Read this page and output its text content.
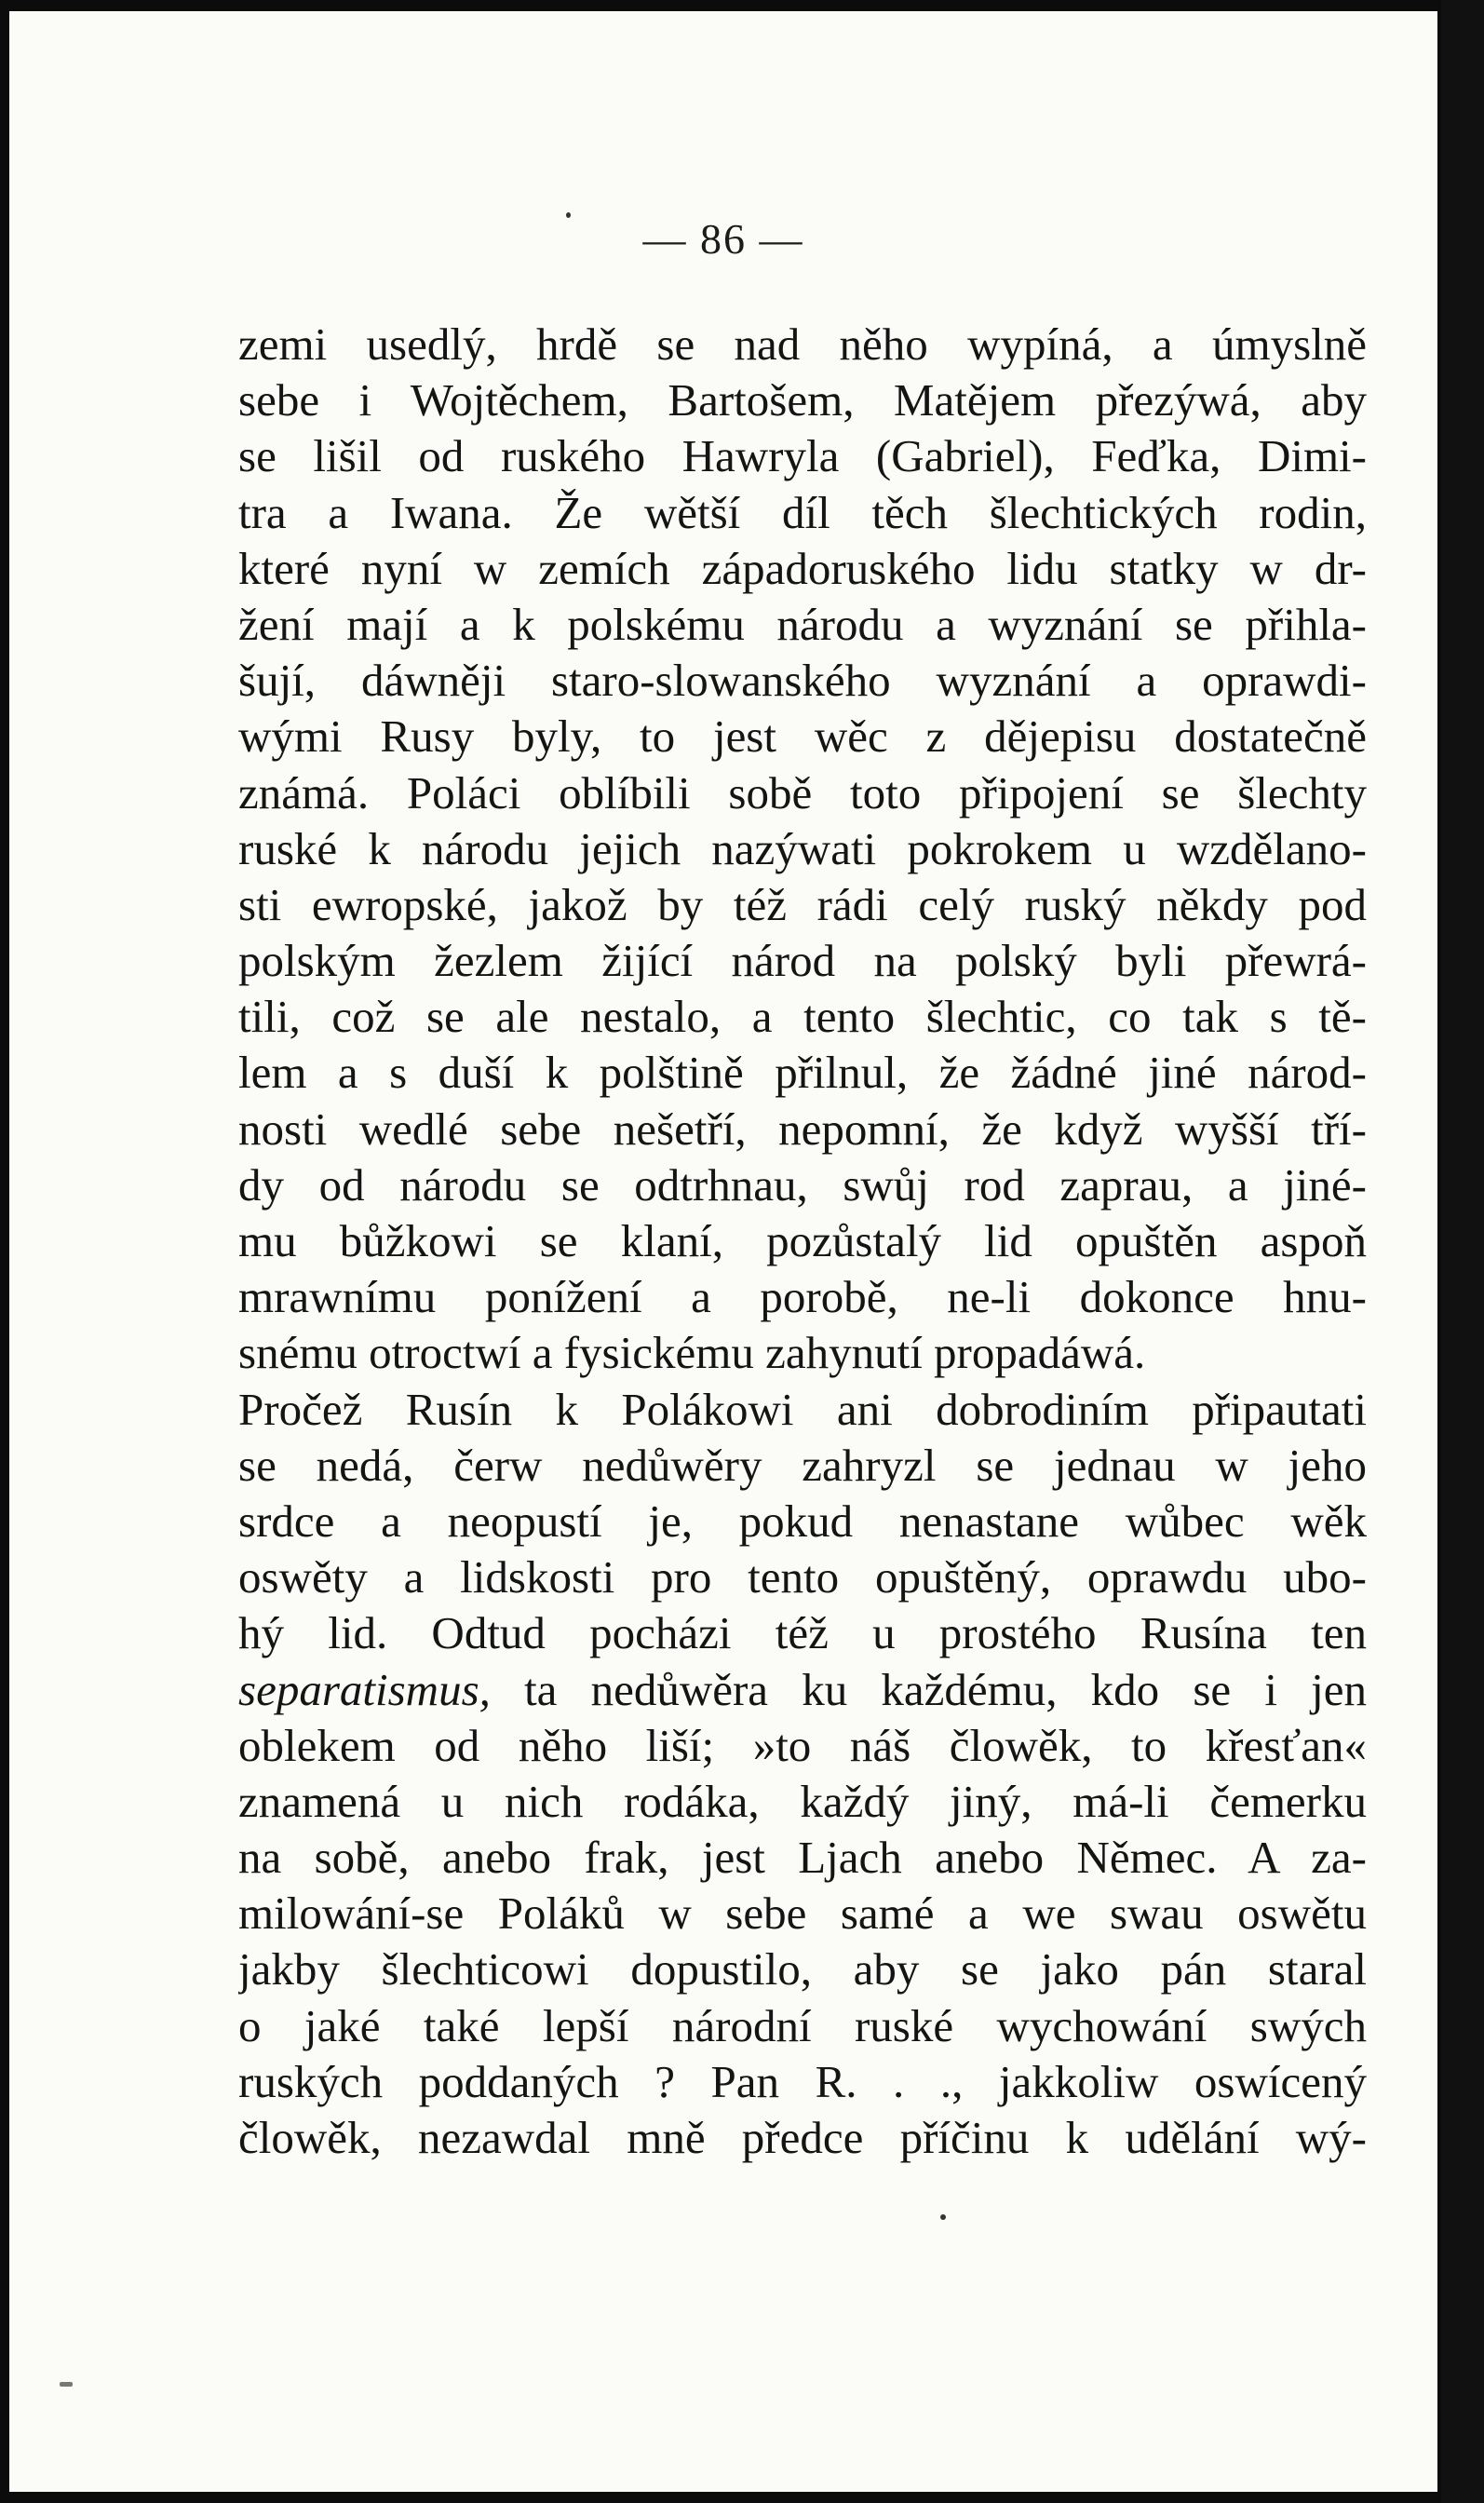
— 86 —
zemi usedlý, hrdě se nad něho wypíná, a úmyslně
sebe i Wojtěchem, Bartošem, Matějem přezýwá, aby
se lišil od ruského Hawryla (Gabriel), Feďka, Dimi-
tra a Iwana. Že wětší díl těch šlechtických rodin,
které nyní w zemích západoruského lidu statky w dr-
žení mají a k polskému národu a wyznání se přihla-
šují, dáwněji staro-slowanského wyznání a oprawdi-
wými Rusy byly, to jest wěc z dějepisu dostatečně
známá. Poláci oblíbili sobě toto připojení se šlechty
ruské k národu jejich nazýwati pokrokem u wzdělano-
sti ewropské, jakož by též rádi celý ruský někdy pod
polským žezlem žijící národ na polský byli přewrá-
tili, což se ale nestalo, a tento šlechtic, co tak s tě-
lem a s duší k polštině přilnul, že žádné jiné národ-
nosti wedlé sebe nešetří, nepomní, že když wyšší tří-
dy od národu se odtrhnau, swůj rod zaprau, a jiné-
mu bůžkowi se klaní, pozůstalý lid opuštěn aspoň
mrawnímu ponížení a porobě, ne-li dokonce hnu-
snému otroctwí a fysickému zahynutí propadáwá.
Pročež Rusín k Polákowi ani dobrodiním připautati
se nedá, čerw nedůwěry zahryzl se jednau w jeho
srdce a neopustí je, pokud nenastane wůbec wěk
oswěty a lidskosti pro tento opuštěný, oprawdu ubo-
hý lid. Odtud pocházi též u prostého Rusína ten
separatismus, ta nedůwěra ku každému, kdo se i jen
oblekem od něho liší; »to náš člowěk, to křesťan«
znamená u nich rodáka, každý jiný, má-li čemerku
na sobě, anebo frak, jest Ljach anebo Němec. A za-
milowání-se Poláků w sebe samé a we swau oswětu
jakby šlechticowi dopustilo, aby se jako pán staral
o jaké také lepší národní ruské wychowání swých
ruských poddaných ? Pan R. . ., jakkoliw oswícený
člowěk, nezawdal mně předce příčinu k udělání wý-
